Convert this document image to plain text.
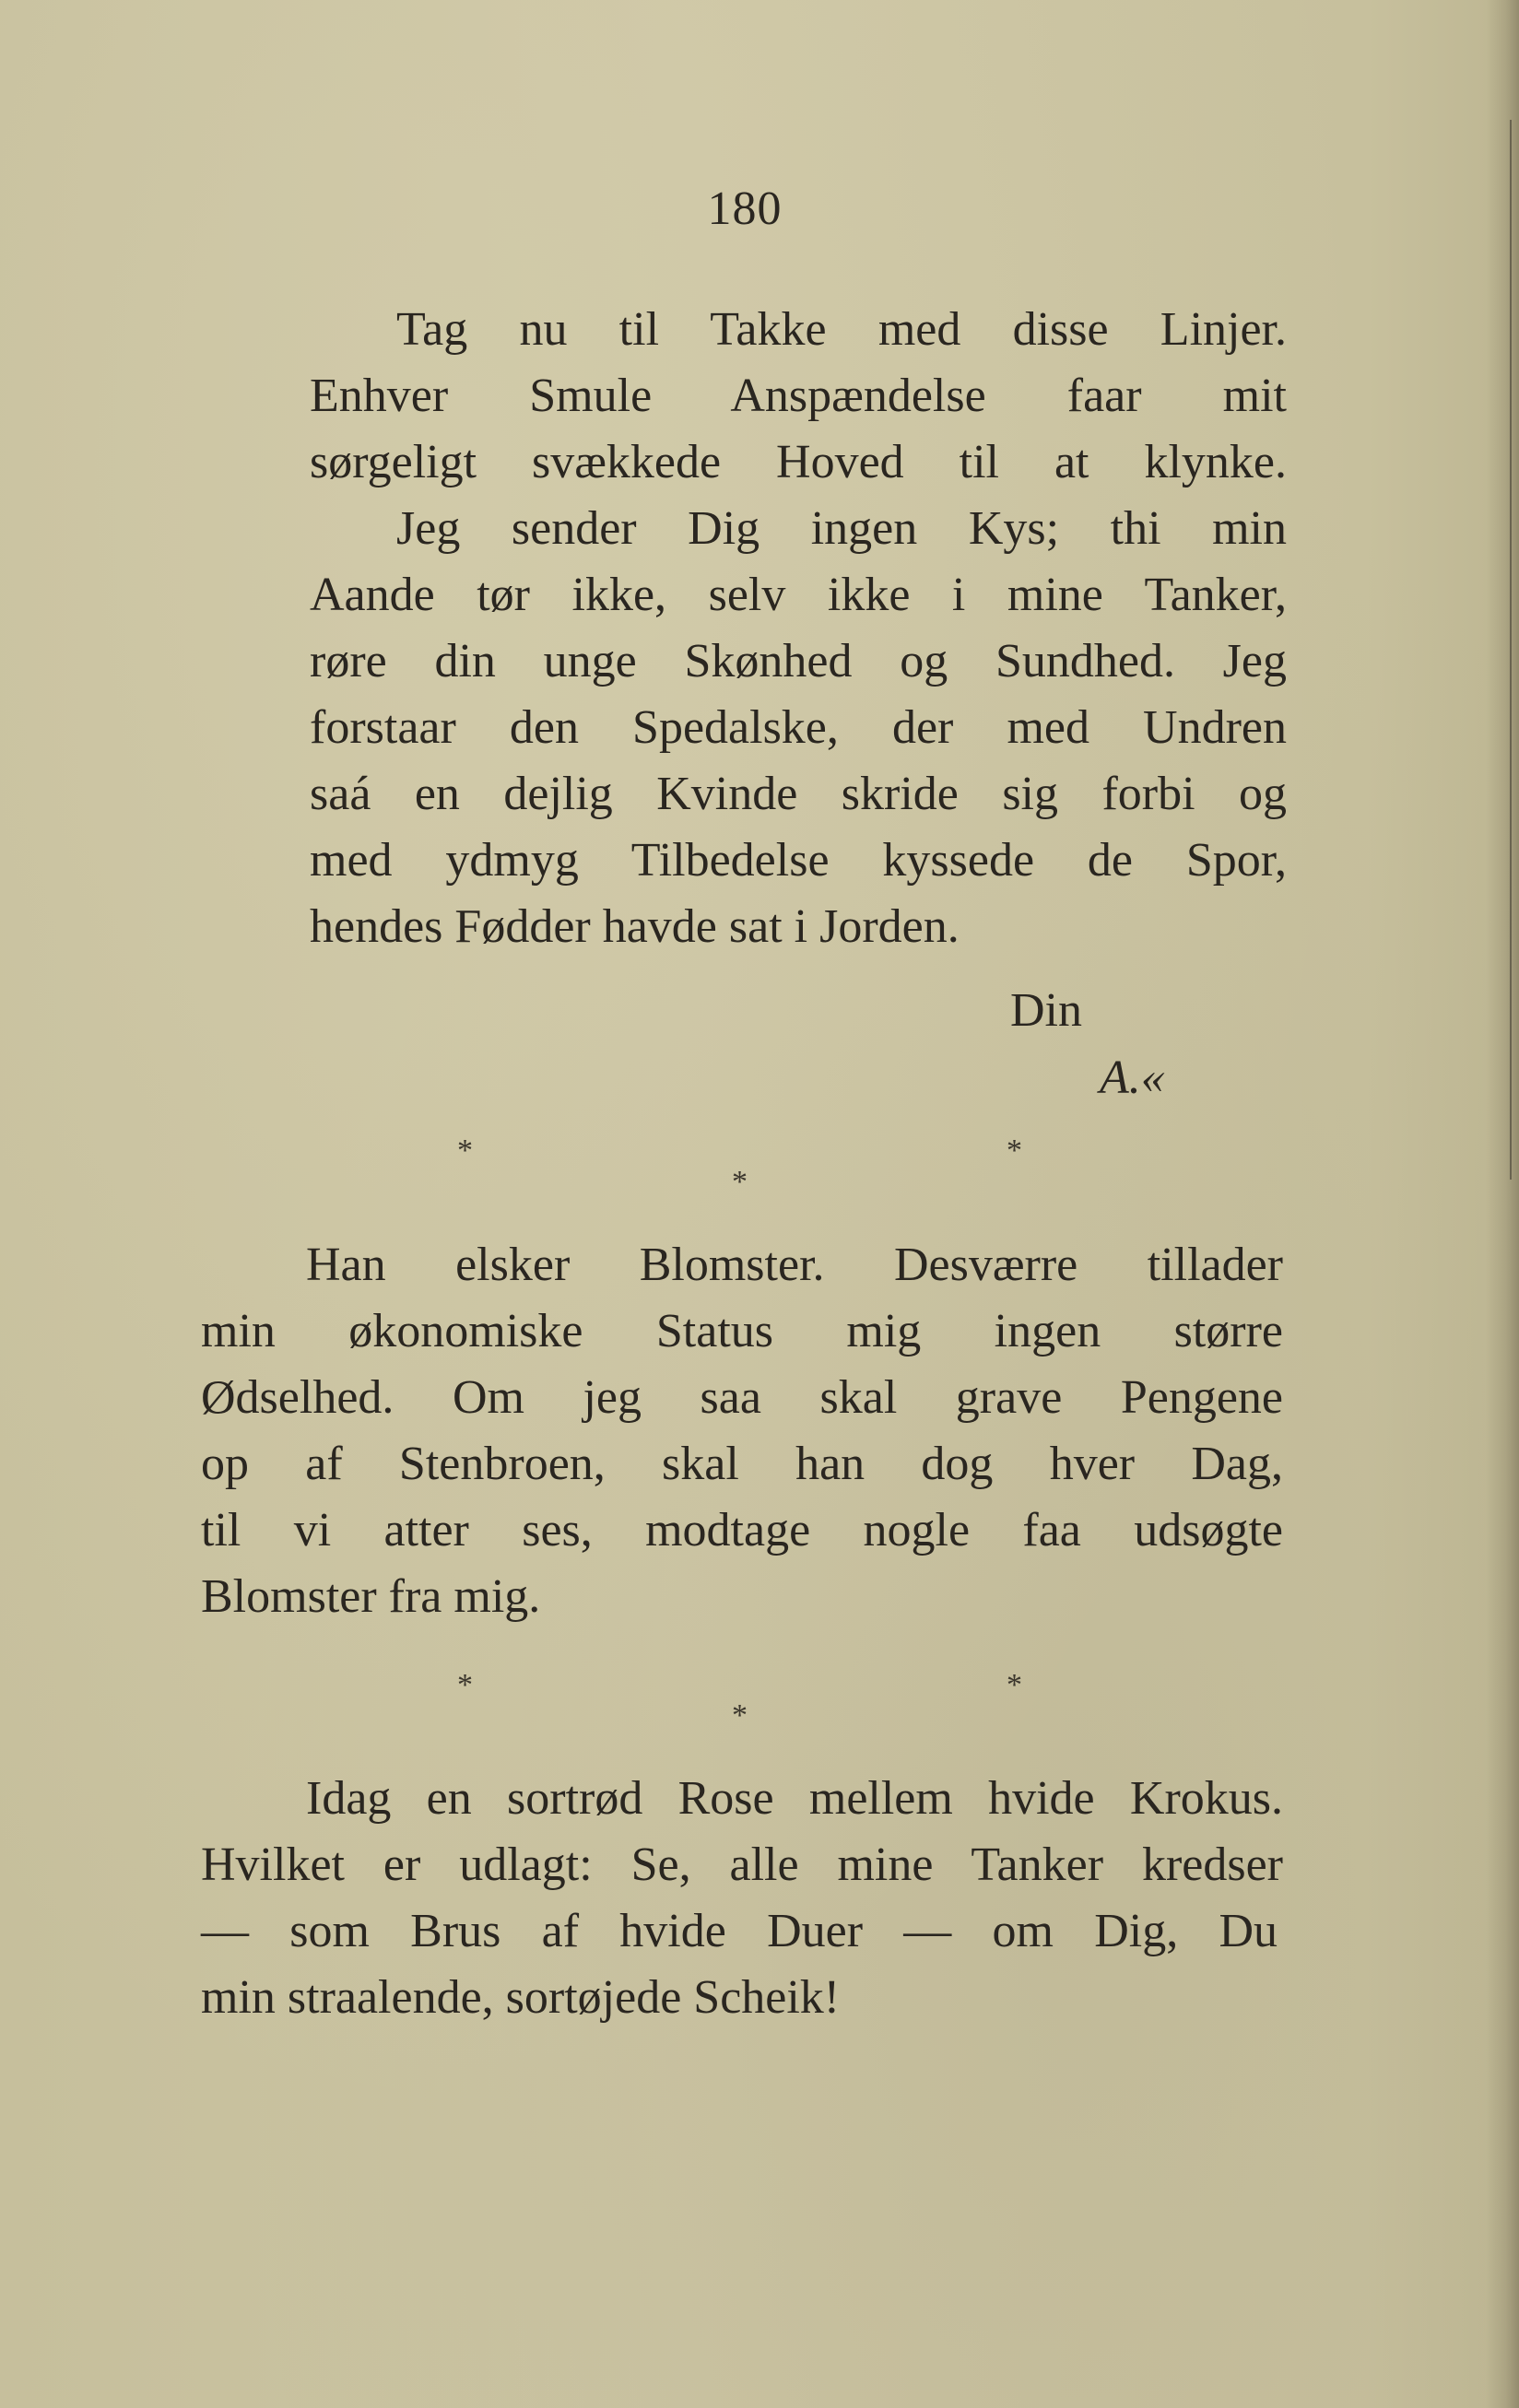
180
Tag nu til Takke med disse Linjer.
Enhver Smule Anspændelse faar mit
sørgeligt svækkede Hoved til at klynke.
Jeg sender Dig ingen Kys; thi min
Aande tør ikke, selv ikke i mine Tanker,
røre din unge Skønhed og Sundhed. Jeg
forstaar den Spedalske, der med Undren
saá en dejlig Kvinde skride sig forbi og
med ydmyg Tilbedelse kyssede de Spor,
hendes Fødder havde sat i Jorden.
Din
A.«
*	*
*
Han elsker Blomster. Desværre tillader
min økonomiske Status mig ingen større
Ødselhed. Om jeg saa skal grave Pengene
op af Stenbroen, skal han dog hver Dag,
til vi atter ses, modtage nogle faa udsøgte
Blomster fra mig.
*	*
*
Idag en sortrød Rose mellem hvide Krokus.
Hvilket er udlagt: Se, alle mine Tanker kredser
— som Brus af hvide Duer — om Dig, Du
min straalende, sortøjede Scheik!
